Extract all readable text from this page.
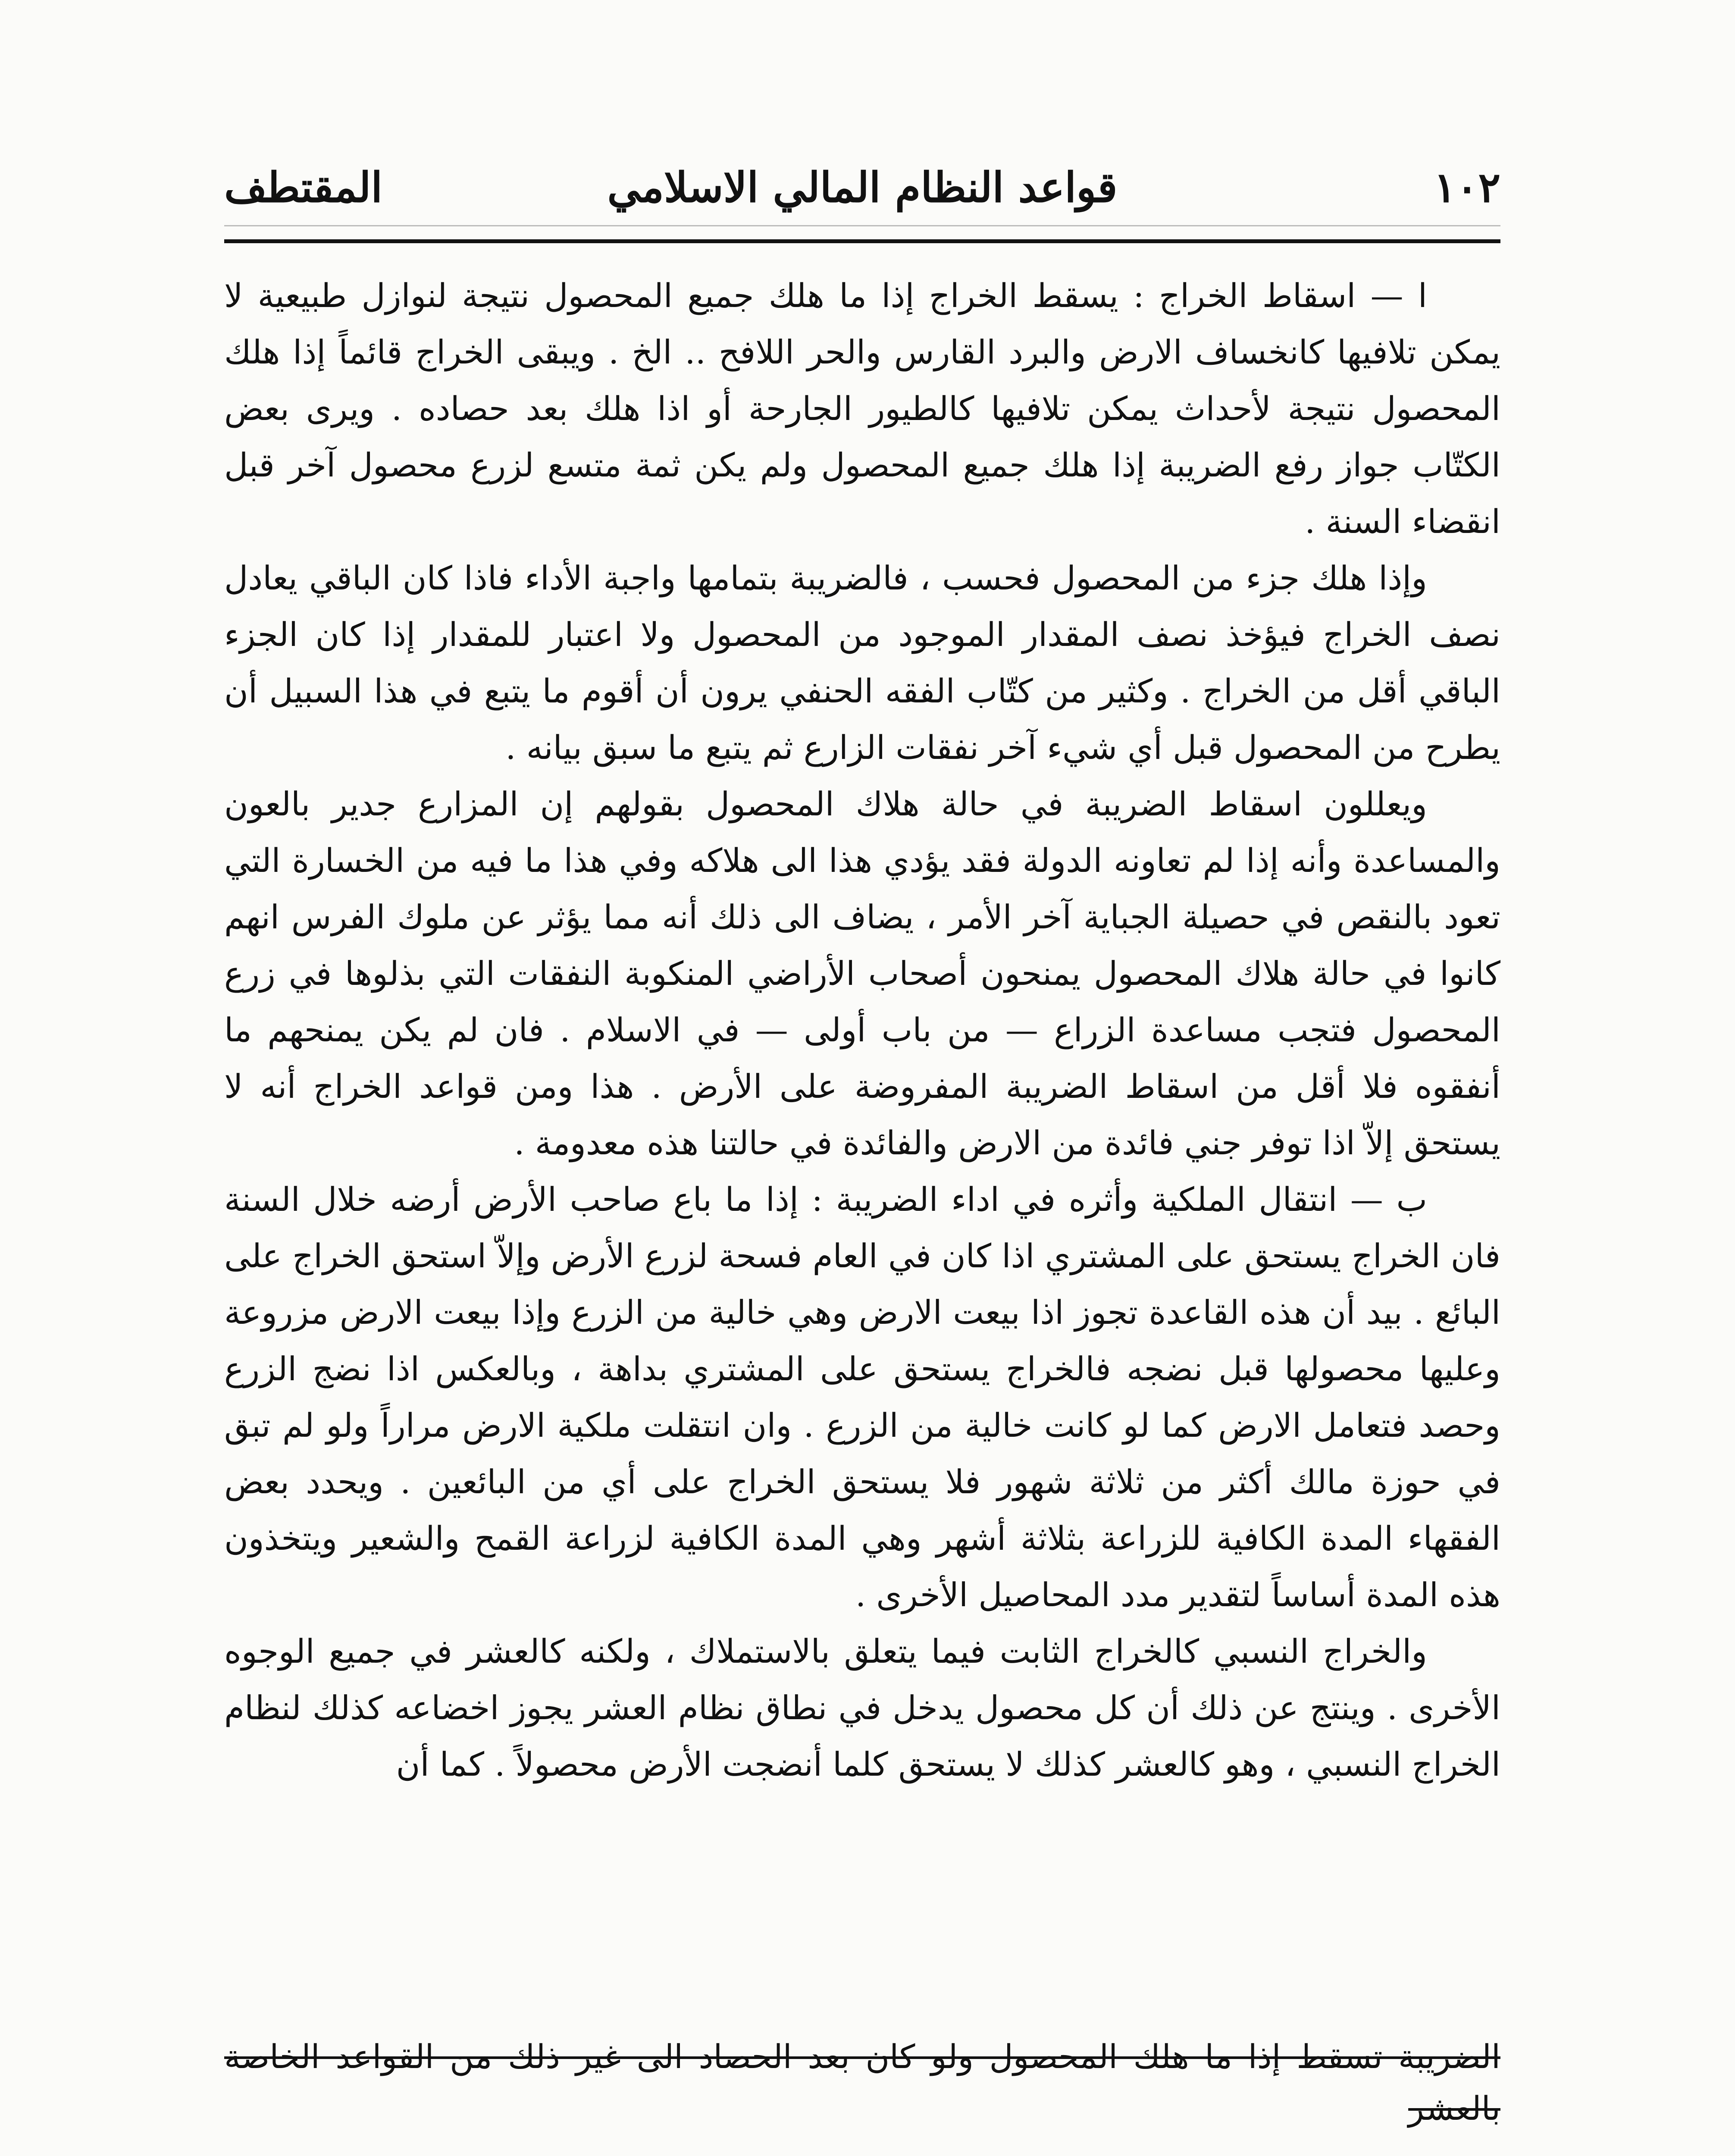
١٠٢
قواعد النظام المالي الاسلامي
المقتطف

ا — اسقاط الخراج : يسقط الخراج إذا ما هلك جميع المحصول نتيجة لنوازل طبيعية لا يمكن تلافيها كانخساف الارض والبرد القارس والحر اللافح .. الخ . ويبقى الخراج قائماً إذا هلك المحصول نتيجة لأحداث يمكن تلافيها كالطيور الجارحة أو اذا هلك بعد حصاده . ويرى بعض الكتّاب جواز رفع الضريبة إذا هلك جميع المحصول ولم يكن ثمة متسع لزرع محصول آخر قبل انقضاء السنة .

وإذا هلك جزء من المحصول فحسب ، فالضريبة بتمامها واجبة الأداء فاذا كان الباقي يعادل نصف الخراج فيؤخذ نصف المقدار الموجود من المحصول ولا اعتبار للمقدار إذا كان الجزء الباقي أقل من الخراج . وكثير من كتّاب الفقه الحنفي يرون أن أقوم ما يتبع في هذا السبيل أن يطرح من المحصول قبل أي شيء آخر نفقات الزارع ثم يتبع ما سبق بيانه .

ويعللون اسقاط الضريبة في حالة هلاك المحصول بقولهم إن المزارع جدير بالعون والمساعدة وأنه إذا لم تعاونه الدولة فقد يؤدي هذا الى هلاكه وفي هذا ما فيه من الخسارة التي تعود بالنقص في حصيلة الجباية آخر الأمر ، يضاف الى ذلك أنه مما يؤثر عن ملوك الفرس انهم كانوا في حالة هلاك المحصول يمنحون أصحاب الأراضي المنكوبة النفقات التي بذلوها في زرع المحصول فتجب مساعدة الزراع — من باب أولى — في الاسلام . فان لم يكن يمنحهم ما أنفقوه فلا أقل من اسقاط الضريبة المفروضة على الأرض . هذا ومن قواعد الخراج أنه لا يستحق إلاّ اذا توفر جني فائدة من الارض والفائدة في حالتنا هذه معدومة .

ب — انتقال الملكية وأثره في اداء الضريبة : إذا ما باع صاحب الأرض أرضه خلال السنة فان الخراج يستحق على المشتري اذا كان في العام فسحة لزرع الأرض وإلاّ استحق الخراج على البائع . بيد أن هذه القاعدة تجوز اذا بيعت الارض وهي خالية من الزرع وإذا بيعت الارض مزروعة وعليها محصولها قبل نضجه فالخراج يستحق على المشتري بداهة ، وبالعكس اذا نضج الزرع وحصد فتعامل الارض كما لو كانت خالية من الزرع . وان انتقلت ملكية الارض مراراً ولو لم تبق في حوزة مالك أكثر من ثلاثة شهور فلا يستحق الخراج على أي من البائعين . ويحدد بعض الفقهاء المدة الكافية للزراعة بثلاثة أشهر وهي المدة الكافية لزراعة القمح والشعير ويتخذون هذه المدة أساساً لتقدير مدد المحاصيل الأخرى .

والخراج النسبي كالخراج الثابت فيما يتعلق بالاستملاك ، ولكنه كالعشر في جميع الوجوه الأخرى . وينتج عن ذلك أن كل محصول يدخل في نطاق نظام العشر يجوز اخضاعه كذلك لنظام الخراج النسبي ، وهو كالعشر كذلك لا يستحق كلما أنضجت الأرض محصولاً . كما أن

الضريبة تسقط إذا ما هلك المحصول ولو كان بعد الحصاد الى غير ذلك من القواعد الخاصة بالعشر
